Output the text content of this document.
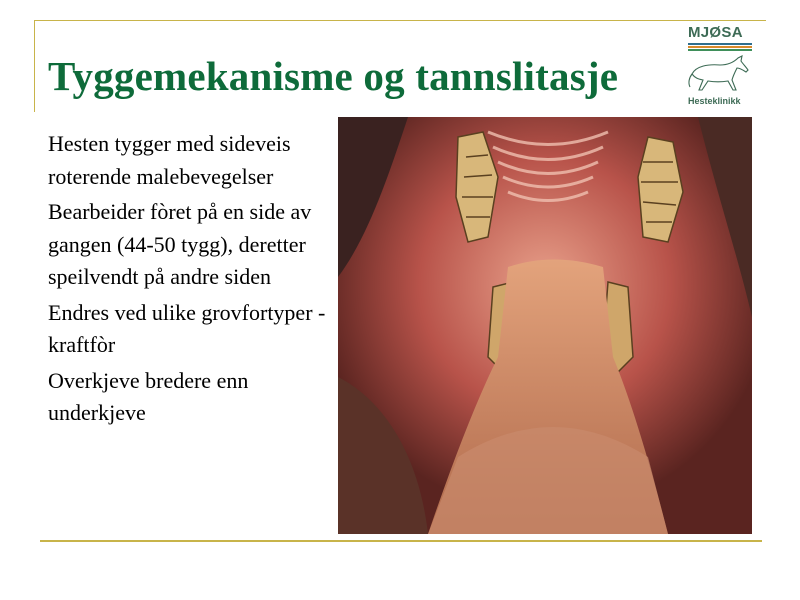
Tyggemekanisme og tannslitasje
MJØSA
Hesteklinikk
Hesten tygger med sideveis roterende malebevegelser
Bearbeider fòret på en side av gangen (44-50 tygg), deretter speilvendt på andre siden
Endres ved ulike grovfortyper - kraftfòr
Overkjeve bredere enn underkjeve
